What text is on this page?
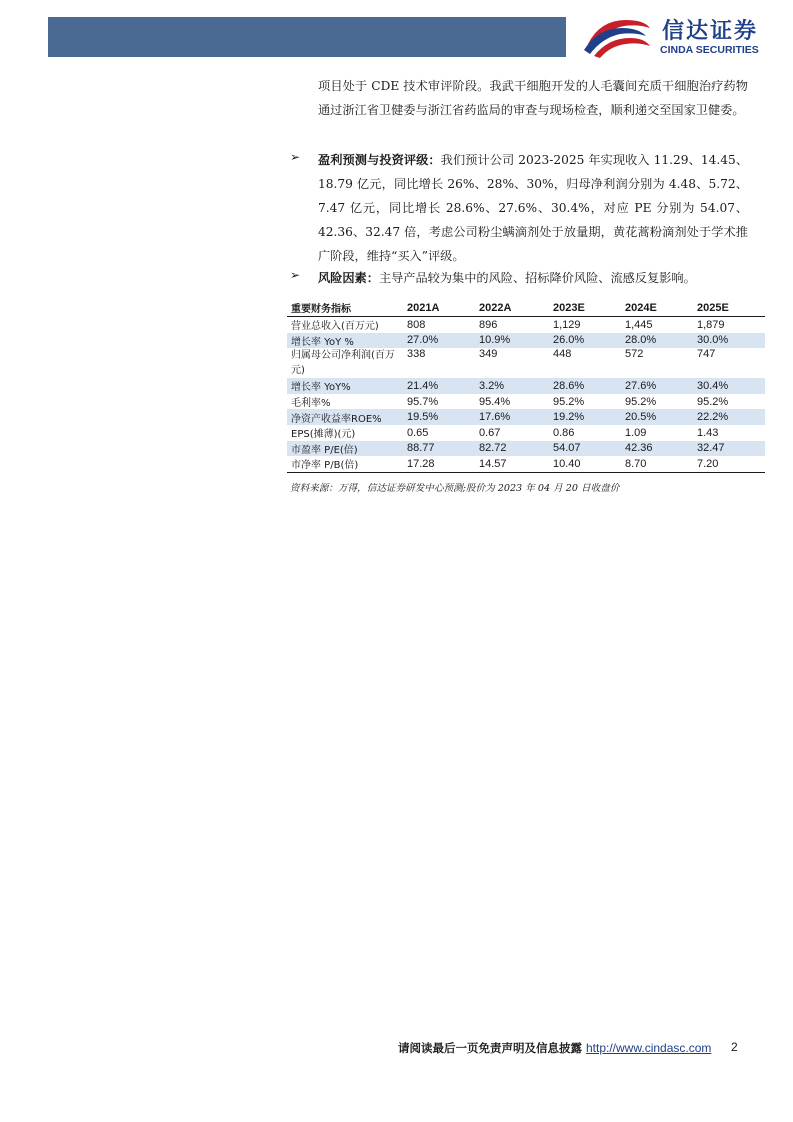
信达证券
CINDA SECURITIES
项目处于 CDE 技术审评阶段。我武干细胞开发的人毛囊间充质干细胞治疗药物通过浙江省卫健委与浙江省药监局的审查与现场检查，顺利递交至国家卫健委。
➢ 盈利预测与投资评级：我们预计公司 2023-2025 年实现收入 11.29、14.45、18.79 亿元，同比增长 26%、28%、30%，归母净利润分别为 4.48、5.72、7.47 亿元，同比增长 28.6%、27.6%、30.4%，对应 PE 分别为 54.07、42.36、32.47 倍，考虑公司粉尘螨滴剂处于放量期，黄花蒿粉滴剂处于学术推广阶段，维持“买入”评级。
➢ 风险因素：主导产品较为集中的风险、招标降价风险、流感反复影响。
重要财务指标	2021A	2022A	2023E	2024E	2025E
营业总收入(百万元)	808	896	1,129	1,445	1,879
增长率 YoY %	27.0%	10.9%	26.0%	28.0%	30.0%
归属母公司净利润(百万元)	338	349	448	572	747
增长率 YoY%	21.4%	3.2%	28.6%	27.6%	30.4%
毛利率%	95.7%	95.4%	95.2%	95.2%	95.2%
净资产收益率ROE%	19.5%	17.6%	19.2%	20.5%	22.2%
EPS(摊薄)(元)	0.65	0.67	0.86	1.09	1.43
市盈率 P/E(倍)	88.77	82.72	54.07	42.36	32.47
市净率 P/B(倍)	17.28	14.57	10.40	8.70	7.20
资料来源：万得，信达证券研发中心预测;股价为 2023 年 04 月 20 日收盘价
请阅读最后一页免责声明及信息披露 http://www.cindasc.com 2
